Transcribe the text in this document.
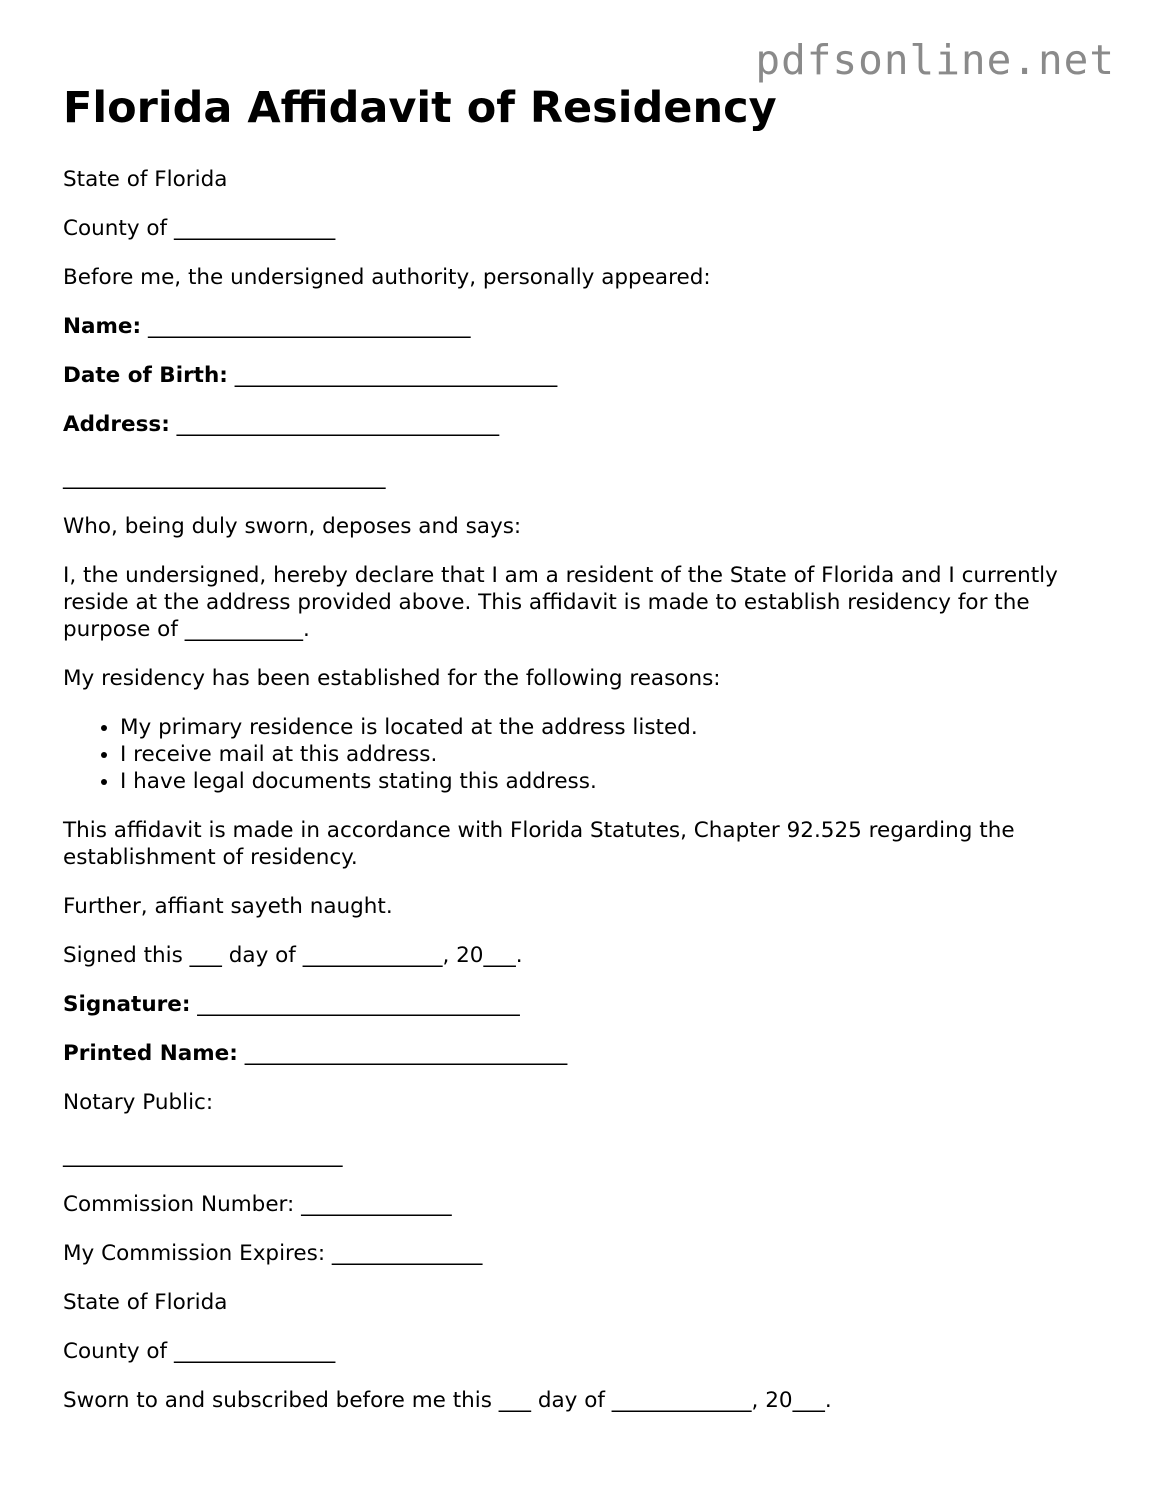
pdfsonline.net
Florida Affidavit of Residency

State of Florida

County of _______________

Before me, the undersigned authority, personally appeared:

Name: ______________________________

Date of Birth: ______________________________

Address: ______________________________

______________________________

Who, being duly sworn, deposes and says:

I, the undersigned, hereby declare that I am a resident of the State of Florida and I currently reside at the address provided above. This affidavit is made to establish residency for the purpose of ___________.

My residency has been established for the following reasons:

• My primary residence is located at the address listed.
• I receive mail at this address.
• I have legal documents stating this address.

This affidavit is made in accordance with Florida Statutes, Chapter 92.525 regarding the establishment of residency.

Further, affiant sayeth naught.

Signed this ___ day of _____________, 20___.

Signature: ______________________________

Printed Name: ______________________________

Notary Public:

__________________________

Commission Number: ______________

My Commission Expires: ______________

State of Florida

County of _______________

Sworn to and subscribed before me this ___ day of _____________, 20___.
